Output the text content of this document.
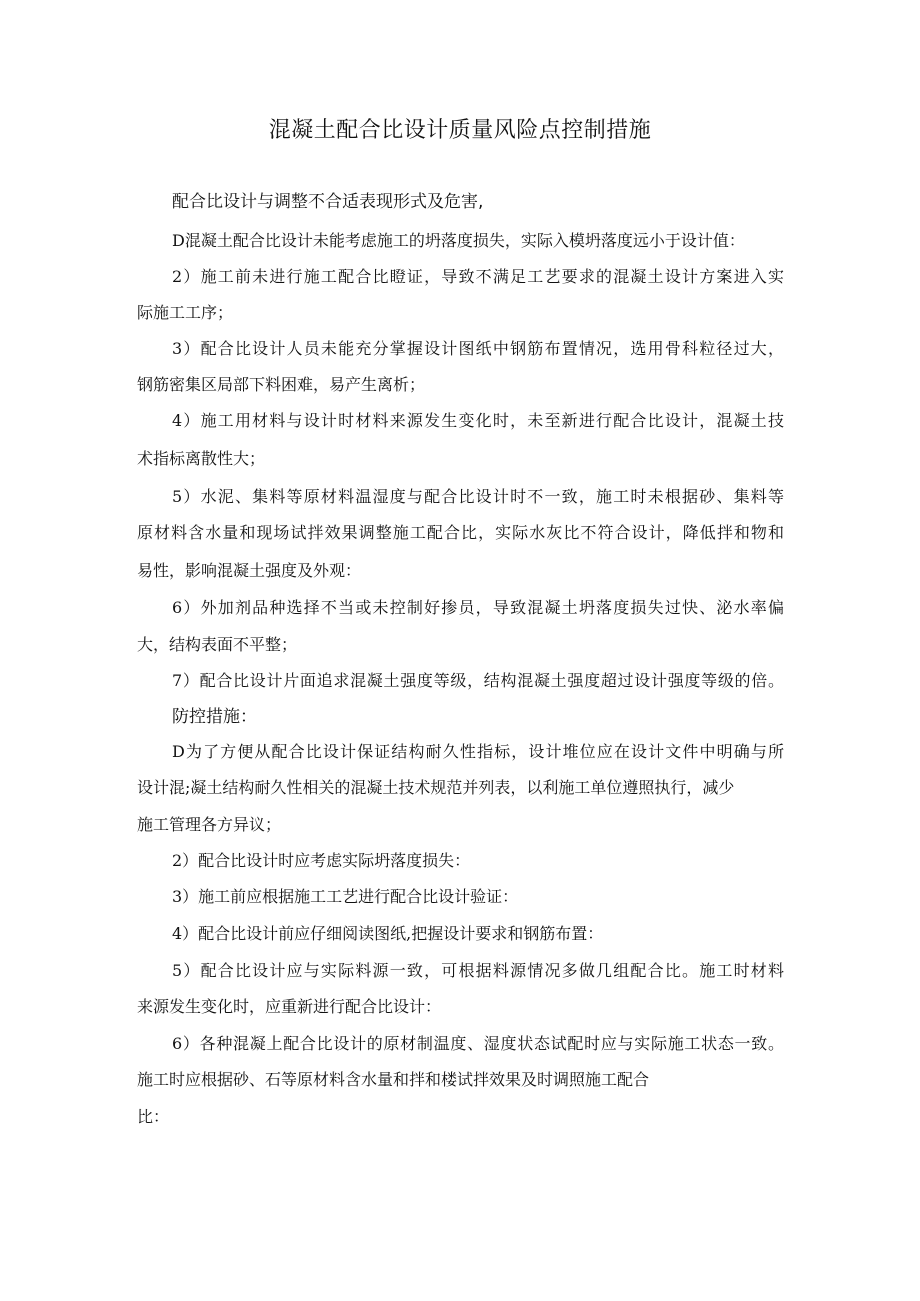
混凝土配合比设计质量风险点控制措施
配合比设计与调整不合适表现形式及危害,
D混凝土配合比设计未能考虑施工的坍落度损失，实际入模坍落度远小于设计值：
2）施工前未进行施工配合比瞪证，导致不满足工艺要求的混凝土设计方案进入实
际施工工序；
3）配合比设计人员未能充分掌握设计图纸中钢筋布置情况，选用骨科粒径过大，
钢筋密集区局部下料困难，易产生离析；
4）施工用材料与设计时材料来源发生变化时，未至新进行配合比设计，混凝土技
术指标离散性大；
5）水泥、集料等原材料温湿度与配合比设计时不一致，施工时未根据砂、集料等
原材料含水量和现场试拌效果调整施工配合比，实际水灰比不符合设计，降低拌和物和
易性，影响混凝土强度及外观：
6）外加剂品种选择不当或未控制好掺员，导致混凝土坍落度损失过快、泌水率偏
大，结构表面不平整；
7）配合比设计片面追求混凝土强度等级，结构混凝土强度超过设计强度等级的倍。
防控措施：
D为了方便从配合比设计保证结构耐久性指标，设计堆位应在设计文件中明确与所
设计混;凝土结构耐久性相关的混凝土技术规范并列表，以利施工单位遵照执行，减少
施工管理各方异议；
2）配合比设计时应考虑实际坍落度损失：
3）施工前应根据施工工艺进行配合比设计验证：
4）配合比设计前应仔细阅读图纸,把握设计要求和钢筋布置：
5）配合比设计应与实际料源一致，可根据料源情况多做几组配合比。施工时材料
来源发生变化时，应重新进行配合比设计：
6）各种混凝上配合比设计的原材制温度、湿度状态试配时应与实际施工状态一致。
施工时应根据砂、石等原材料含水量和拌和楼试拌效果及时调照施工配合
比：
